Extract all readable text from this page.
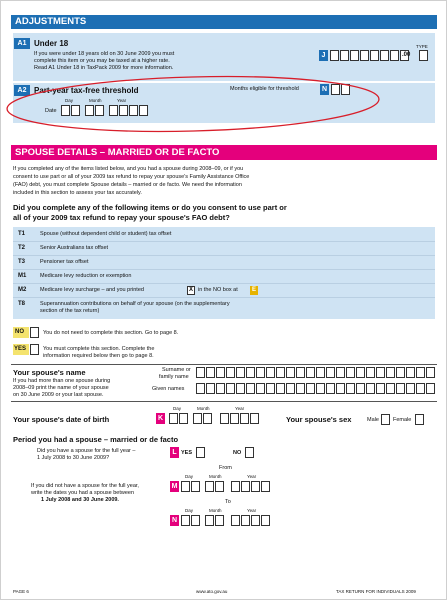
ADJUSTMENTS
A1 Under 18
If you were under 18 years old on 30 June 2009 you must
complete this item or you may be taxed at a higher rate.
Read A1 Under 18 in TaxPack 2009 for more information.
J	.00
TYPE
A2 Part-year tax-free threshold	Months eligible for threshold	N
Day	Month	Year
Date
SPOUSE DETAILS – MARRIED OR DE FACTO
If you completed any of the items listed below, and you had a spouse during 2008–09, or if you
consent to use part or all of your 2009 tax refund to repay your spouse's Family Assistance Office
(FAO) debt, you must complete Spouse details – married or de facto. We need the information
included in this section to assess your tax accurately.
Did you complete any of the following items or do you consent to use part or
all of your 2009 tax refund to repay your spouse's FAO debt?
T1	Spouse (without dependent child or student) tax offset
T2	Senior Australians tax offset
T3	Pensioner tax offset
M1 Medicare levy reduction or exemption
M2 Medicare levy surcharge – and you printed	X in the NO box at	E
T8	Superannuation contributions on behalf of your spouse (on the supplementary
section of the tax return)
NO	You do not need to complete this section. Go to page 8.
YES	You must complete this section. Complete the
information required below then go to page 8.
Your spouse's name
If you had more than one spouse during
2008–09 print the name of your spouse
on 30 June 2009 or your last spouse.
Surname or
family name
Given names
Your spouse's date of birth	K
Day	Month	Year
Your spouse's sex	Male	Female
Period you had a spouse – married or de facto
Did you have a spouse for the full year –
1 July 2008 to 30 June 2009?
L YES	NO
From
Day	Month	Year
M
If you did not have a spouse for the full year,
write the dates you had a spouse between
1 July 2008 and 30 June 2009.	To
Day	Month	Year
N
PAGE 6	www.ato.gov.au	TAX RETURN FOR INDIVIDUALS 2009
